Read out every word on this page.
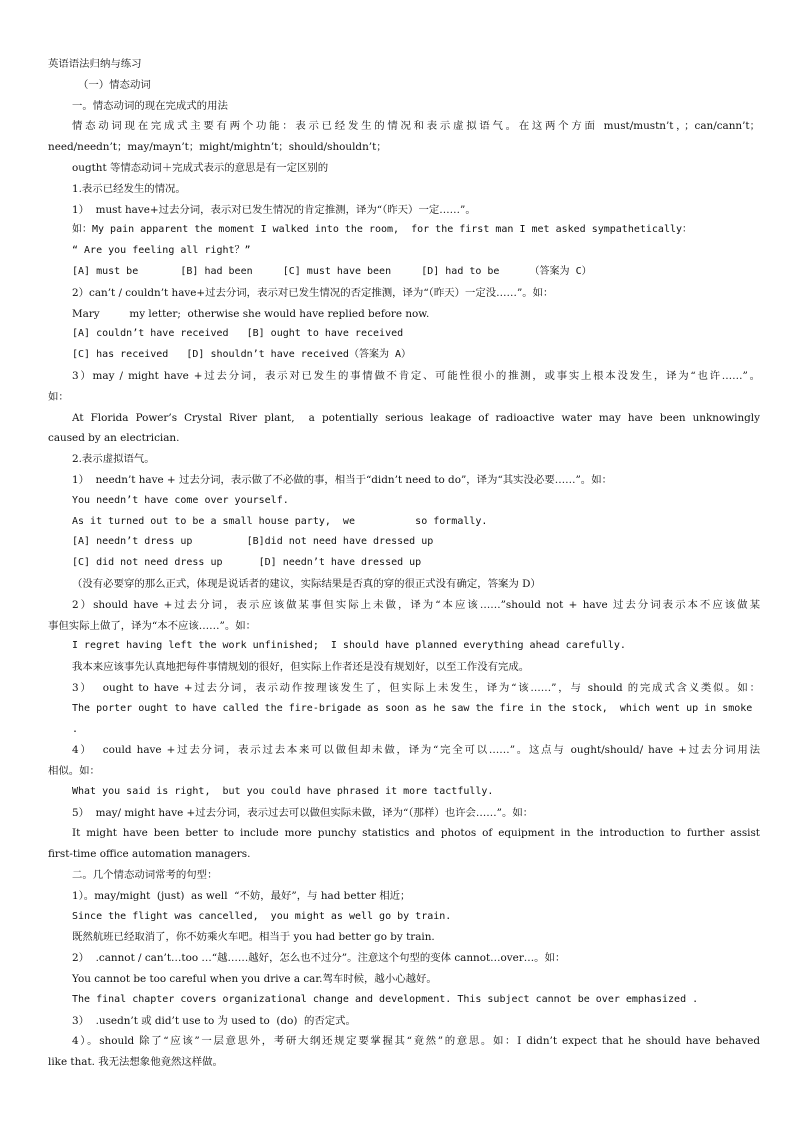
英语语法归纳与练习

（一）情态动词

一。情态动词的现在完成式的用法

情态动词现在完成式主要有两个功能：表示已经发生的情况和表示虚拟语气。在这两个方面 must/mustn’t，；can/cann’t；

need/needn’t；may/mayn’t；might/mightn’t；should/shouldn’t；

ougtht 等情态动词＋完成式表示的意思是有一定区别的

1.表示已经发生的情况。

1）  must have+过去分词，表示对已发生情况的肯定推测，译为“（昨天）一定……”。

如：My pain apparent the moment I walked into the room,  for the first man I met asked sympathetically：

“ Are you feeling all right？”

[A] must be       [B] had been     [C] must have been     [D] had to be     （答案为 C）

2）can’t / couldn’t have+过去分词，表示对已发生情况的否定推测，译为“（昨天）一定没……”。如：

Mary         my letter;  otherwise she would have replied before now.

[A] couldn’t have received   [B] ought to have received

[C] has received   [D] shouldn’t have received（答案为 A）

3）may / might have +过去分词，表示对已发生的事情做不肯定、可能性很小的推测，或事实上根本没发生，译为“也许……”。

如：

At Florida Power’s Crystal River plant,  a potentially serious leakage of radioactive water may have been unknowingly

caused by an electrician.

2.表示虚拟语气。

1）  needn’t have + 过去分词，表示做了不必做的事，相当于“didn’t need to do”，译为“其实没必要……”。如：

You needn’t have come over yourself.

As it turned out to be a small house party,  we          so formally.

[A] needn’t dress up         [B]did not need have dressed up

[C] did not need dress up      [D] needn’t have dressed up

（没有必要穿的那么正式，体现是说话者的建议，实际结果是否真的穿的很正式没有确定，答案为 D）

2）should have +过去分词，表示应该做某事但实际上未做，译为“本应该……”should not + have 过去分词表示本不应该做某

事但实际上做了，译为“本不应该……”。如：

I regret having left the work unfinished;  I should have planned everything ahead carefully.

我本来应该事先认真地把每件事情规划的很好，但实际上作者还是没有规划好，以至工作没有完成。

3）  ought to have +过去分词，表示动作按理该发生了，但实际上未发生，译为“该……”，与 should 的完成式含义类似。如：

The porter ought to have called the fire-brigade as soon as he saw the fire in the stock,  which went up in smoke .

4）  could have +过去分词，表示过去本来可以做但却未做，译为“完全可以……”。这点与 ought/should/ have +过去分词用法

相似。如：

What you said is right,  but you could have phrased it more tactfully.

5）  may/ might have +过去分词，表示过去可以做但实际未做，译为“（那样）也许会……”。如：

It might have been better to include more punchy statistics and photos of equipment in the introduction to further assist

first-time office automation managers.

二。几个情态动词常考的句型：

1）。may/might  (just)  as well  “不妨，最好”，与 had better 相近；

Since the flight was cancelled,  you might as well go by train.

既然航班已经取消了，你不妨乘火车吧。相当于 you had better go by train.

2）  .cannot / can’t…too …“越……越好，怎么也不过分”。注意这个句型的变体 cannot…over…。如：

You cannot be too careful when you drive a car.驾车时候，越小心越好。

The final chapter covers organizational change and development. This subject cannot be over emphasized .

3）  .usedn’t 或 did’t use to 为 used to  (do)  的否定式。

4）。should 除了“应该”一层意思外，考研大纲还规定要掌握其“竟然”的意思。如：I didn’t expect that he should have behaved

like that. 我无法想象他竟然这样做。
